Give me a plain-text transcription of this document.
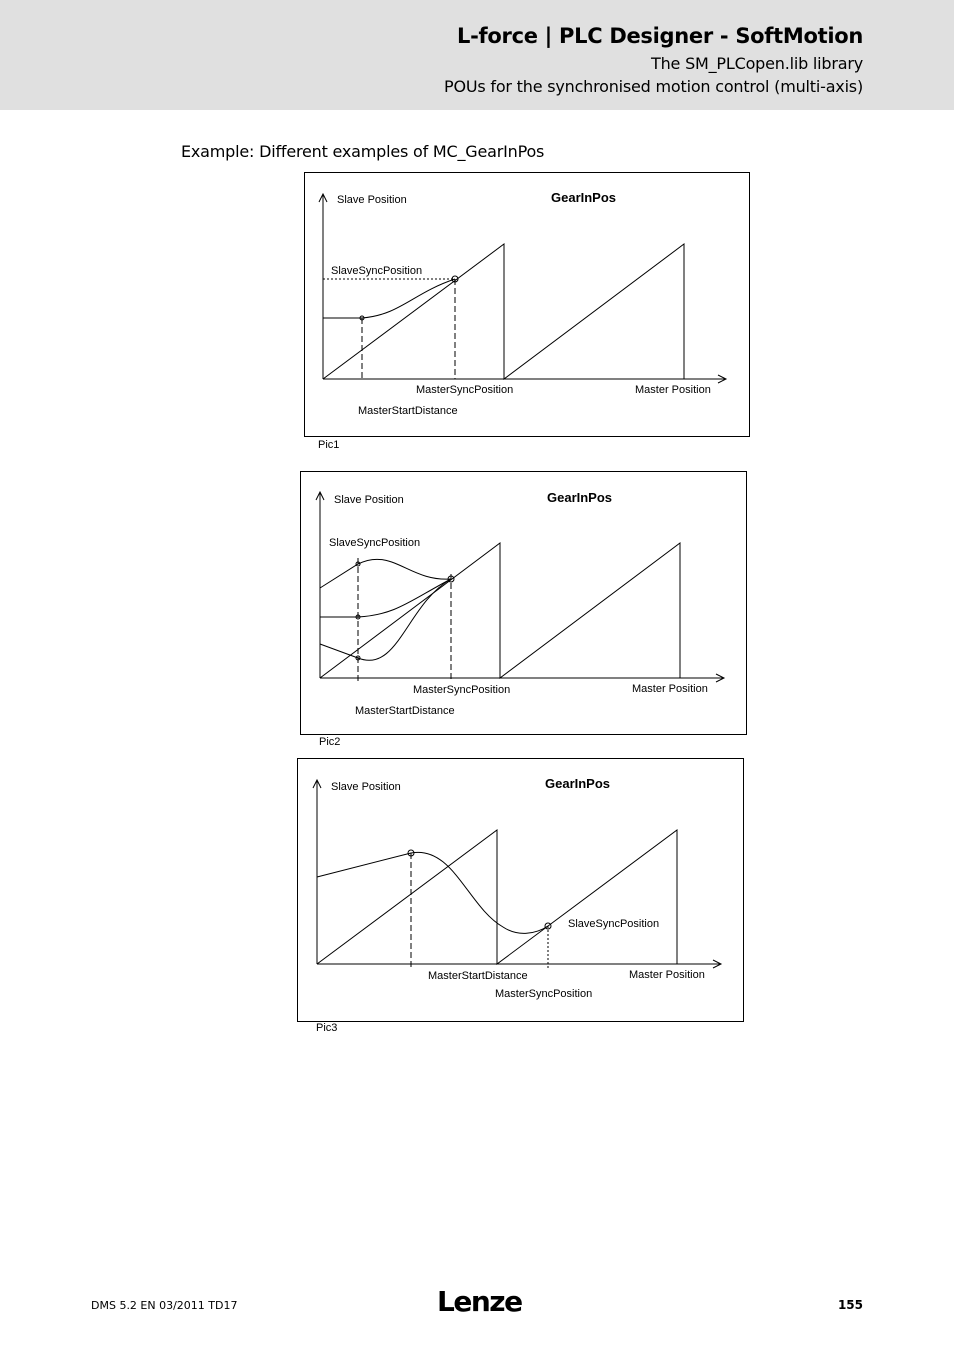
L-force | PLC Designer - SoftMotion
The SM_PLCopen.lib library
POUs for the synchronised motion control (multi-axis)
Example: Different examples of MC_GearInPos
Slave Position	GearInPos
SlaveSyncPosition
MasterSyncPosition	Master Position
MasterStartDistance
Pic1
Slave Position	GearInPos
SlaveSyncPosition
MasterSyncPosition	Master Position
MasterStartDistance
Pic2
Slave Position	GearInPos
SlaveSyncPosition
MasterStartDistance	Master Position
MasterSyncPosition
Pic3
DMS 5.2 EN 03/2011 TD17	Lenze	155
